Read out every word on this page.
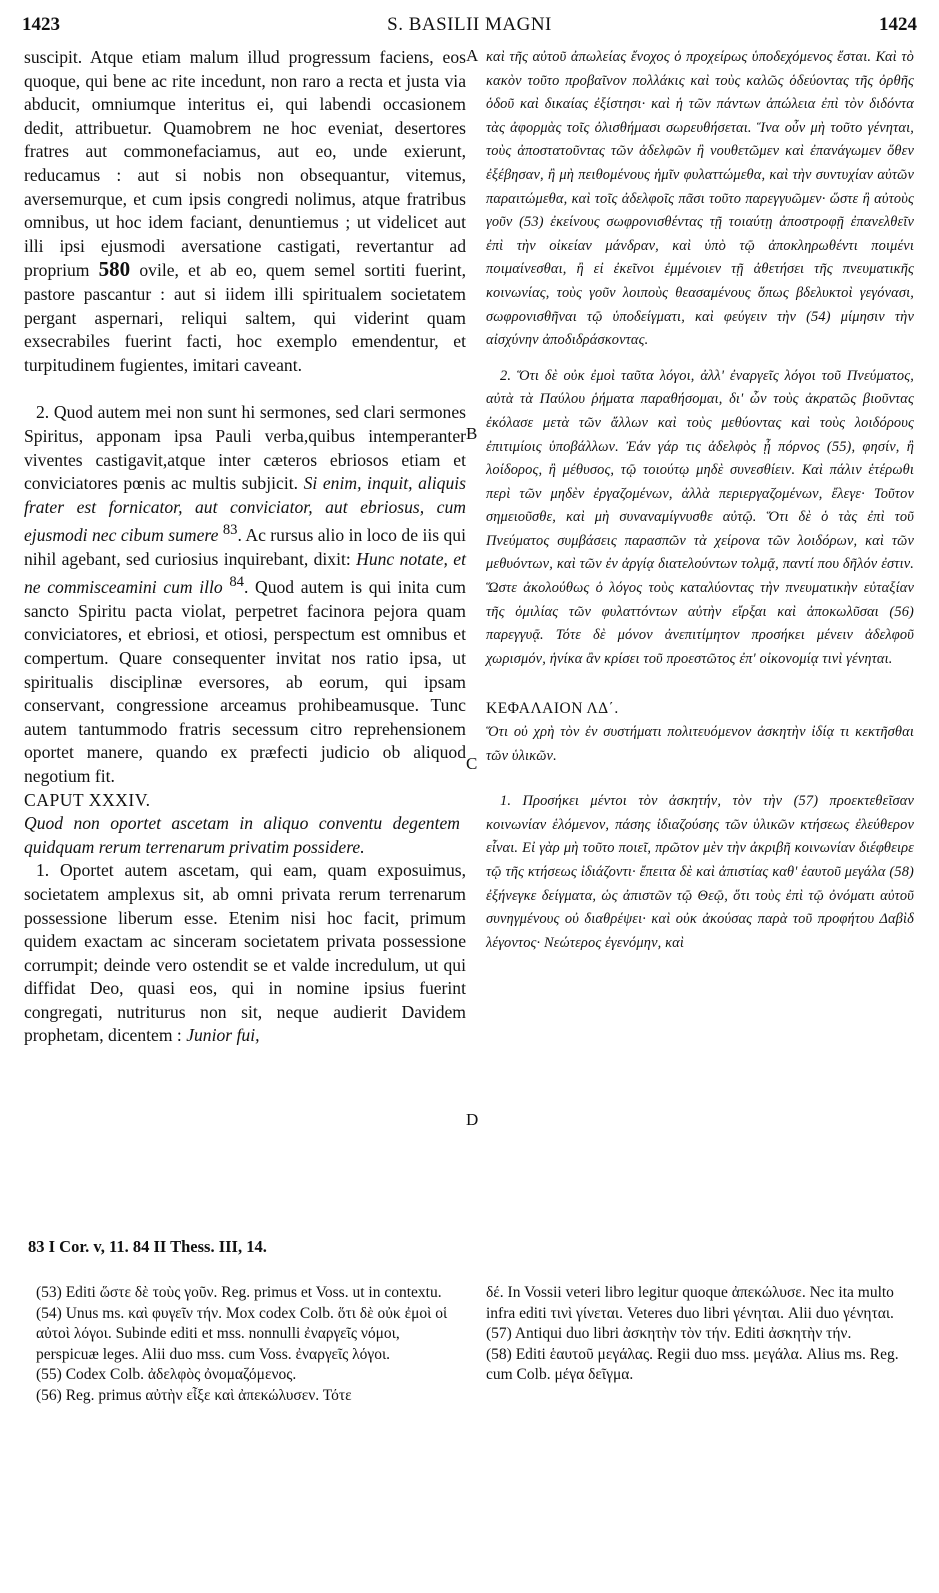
1423	S. BASILII MAGNI	1424
A
B
C
D

suscipit. Atque etiam malum illud progressum faciens, eos quoque, qui bene ac rite incedunt, non raro a recta et justa via abducit, omniumque interitus ei, qui labendi occasionem dedit, attribuetur. Quamobrem ne hoc eveniat, desertores fratres aut commonefaciamus, aut eo, unde exierunt, reducamus : aut si nobis non obsequantur, vitemus, aversemurque, et cum ipsis congredi nolimus, atque fratribus omnibus, ut hoc idem faciant, denuntiemus ; ut videlicet aut illi ipsi ejusmodi aversatione castigati, revertantur ad proprium 580 ovile, et ab eo, quem semel sortiti fuerint, pastore pascantur : aut si iidem illi spiritualem societatem pergant aspernari, reliqui saltem, qui viderint quam exsecrabiles fuerint facti, hoc exemplo emendentur, et turpitudinem fugientes, imitari caveant.

2. Quod autem mei non sunt hi sermones, sed clari sermones Spiritus, apponam ipsa Pauli verba,quibus intemperanter viventes castigavit,atque inter cæteros ebriosos etiam et conviciatores pœnis ac multis subjicit. Si enim, inquit, aliquis frater est fornicator, aut conviciator, aut ebriosus, cum ejusmodi nec cibum sumere $^{83}$. Ac rursus alio in loco de iis qui nihil agebant, sed curiosius inquirebant, dixit: Hunc notate, et ne commisceamini cum illo $^{84}$. Quod autem is qui inita cum sancto Spiritu pacta violat, perpetret facinora pejora quam conviciatores, et ebriosi, et otiosi, perspectum est omnibus et compertum. Quare consequenter invitat nos ratio ipsa, ut spiritualis disciplinæ eversores, ab eorum, qui ipsam conservant, congressione arceamus prohibeamusque. Tunc autem tantummodo fratris secessum citro reprehensionem oportet manere, quando ex præfecti judicio ob aliquod negotium fit.

CAPUT XXXIV.

Quod non oportet ascetam in aliquo conventu degentem quidquam rerum terrenarum privatim possidere.

1. Oportet autem ascetam, qui eam, quam exposuimus, societatem amplexus sit, ab omni privata rerum terrenarum possessione liberum esse. Etenim nisi hoc facit, primum quidem exactam ac sinceram societatem privata possessione corrumpit; deinde vero ostendit se et valde incredulum, ut qui diffidat Deo, quasi eos, qui in nomine ipsius fuerint congregati, nutriturus non sit, neque audierit Davidem prophetam, dicentem : Junior fui,

καὶ τῆς αὐτοῦ ἀπωλείας ἔνοχος ὁ προχείρως ὑποδεχόμενος ἔσται. Καὶ τὸ κακὸν τοῦτο προβαῖνον πολλάκις καὶ τοὺς καλῶς ὁδεύοντας τῆς ὀρθῆς ὁδοῦ καὶ δικαίας ἐξίστησι· καὶ ἡ τῶν πάντων ἀπώλεια ἐπὶ τὸν διδόντα τὰς ἀφορμὰς τοῖς ὀλισθήμασι σωρευθήσεται. Ἵνα οὖν μὴ τοῦτο γένηται, τοὺς ἀποστατοῦντας τῶν ἀδελφῶν ἢ νουθετῶμεν καὶ ἐπανάγωμεν ὅθεν ἐξέβησαν, ἢ μὴ πειθομένους ἡμῖν φυλαττώμεθα, καὶ τὴν συντυχίαν αὐτῶν παραιτώμεθα, καὶ τοῖς ἀδελφοῖς πᾶσι τοῦτο παρεγγυῶμεν· ὥστε ἢ αὐτοὺς γοῦν (53) ἐκείνους σωφρονισθέντας τῇ τοιαύτῃ ἀποστροφῇ ἐπανελθεῖν ἐπὶ τὴν οἰκείαν μάνδραν, καὶ ὑπὸ τῷ ἀποκληρωθέντι ποιμένι ποιμαίνεσθαι, ἢ εἰ ἐκεῖνοι ἐμμένοιεν τῇ ἀθετήσει τῆς πνευματικῆς κοινωνίας, τοὺς γοῦν λοιποὺς θεασαμένους ὅπως βδελυκτοὶ γεγόνασι, σωφρονισθῆναι τῷ ὑποδείγματι, καὶ φεύγειν τὴν (54) μίμησιν τὴν αἰσχύνην ἀποδιδράσκοντας.

2. Ὅτι δὲ οὐκ ἐμοὶ ταῦτα λόγοι, ἀλλ' ἐναργεῖς λόγοι τοῦ Πνεύματος, αὐτὰ τὰ Παύλου ῥήματα παραθήσομαι, δι' ὧν τοὺς ἀκρατῶς βιοῦντας ἐκόλασε μετὰ τῶν ἄλλων καὶ τοὺς μεθύοντας καὶ τοὺς λοιδόρους ἐπιτιμίοις ὑποβάλλων. Ἐάν γάρ τις ἀδελφὸς ᾖ πόρνος (55), φησίν, ἢ λοίδορος, ἢ μέθυσος, τῷ τοιούτῳ μηδὲ συνεσθίειν. Καὶ πάλιν ἑτέρωθι περὶ τῶν μηδὲν ἐργαζομένων, ἀλλὰ περιεργαζομένων, ἔλεγε· Τοῦτον σημειοῦσθε, καὶ μὴ συναναμίγνυσθε αὐτῷ. Ὅτι δὲ ὁ τὰς ἐπὶ τοῦ Πνεύματος συμβάσεις παρασπῶν τὰ χείρονα τῶν λοιδόρων, καὶ τῶν μεθυόντων, καὶ τῶν ἐν ἀργίᾳ διατελούντων τολμᾷ, παντί που δῆλόν ἐστιν. Ὥστε ἀκολούθως ὁ λόγος τοὺς καταλύοντας τὴν πνευματικὴν εὐταξίαν τῆς ὁμιλίας τῶν φυλαττόντων αὐτὴν εἴρξαι καὶ ἀποκωλῦσαι (56) παρεγγυᾷ. Τότε δὲ μόνον ἀνεπιτίμητον προσήκει μένειν ἀδελφοῦ χωρισμόν, ἡνίκα ἂν κρίσει τοῦ προεστῶτος ἐπ' οἰκονομίᾳ τινὶ γένηται.

ΚΕΦΑΛΑΙΟΝ ΛΔ΄.

Ὅτι οὐ χρὴ τὸν ἐν συστήματι πολιτευόμενον ἀσκητὴν ἰδίᾳ τι κεκτῆσθαι τῶν ὑλικῶν.

1. Προσήκει μέντοι τὸν ἀσκητήν, τὸν τὴν (57) προεκτεθεῖσαν κοινωνίαν ἑλόμενον, πάσης ἰδιαζούσης τῶν ὑλικῶν κτήσεως ἐλεύθερον εἶναι. Εἰ γὰρ μὴ τοῦτο ποιεῖ, πρῶτον μὲν τὴν ἀκριβῆ κοινωνίαν διέφθειρε τῷ τῆς κτήσεως ἰδιάζοντι· ἔπειτα δὲ καὶ ἀπιστίας καθ' ἑαυτοῦ μεγάλα (58) ἐξήνεγκε δείγματα, ὡς ἀπιστῶν τῷ Θεῷ, ὅτι τοὺς ἐπὶ τῷ ὀνόματι αὐτοῦ συνηγμένους οὐ διαθρέψει· καὶ οὐκ ἀκούσας παρὰ τοῦ προφήτου Δαβὶδ λέγοντος· Νεώτερος ἐγενόμην, καὶ

83 I Cor. v, 11. 84 II Thess. III, 14.

(53) Editi ὥστε δὲ τοὺς γοῦν. Reg. primus et Voss. ut in contextu.

(54) Unus ms. καὶ φυγεῖν τήν. Mox codex Colb. ὅτι δὲ οὐκ ἐμοὶ οἱ αὐτοὶ λόγοι. Subinde editi et mss. nonnulli ἐναργεῖς νόμοι, perspicuæ leges. Alii duo mss. cum Voss. ἐναργεῖς λόγοι.

(55) Codex Colb. ἀδελφὸς ὀνομαζόμενος.

(56) Reg. primus αὐτὴν εἶξε καὶ ἀπεκώλυσεν. Τότε

δέ. In Vossii veteri libro legitur quoque ἀπεκώλυσε. Nec ita multo infra editi τινὶ γίνεται. Veteres duo libri γένηται. Alii duo γένηται.

(57) Antiqui duo libri ἀσκητὴν τὸν τήν. Editi ἀσκητὴν τήν.

(58) Editi ἑαυτοῦ μεγάλας. Regii duo mss. μεγάλα. Alius ms. Reg. cum Colb. μέγα δεῖγμα.
